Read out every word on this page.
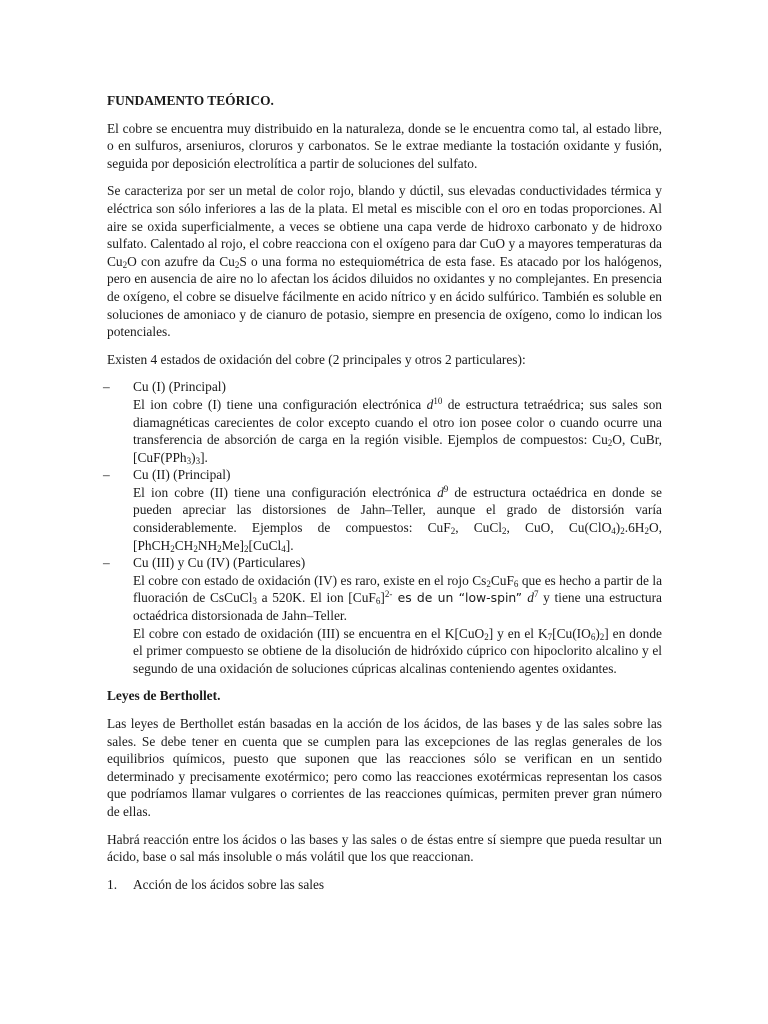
FUNDAMENTO TEÓRICO.

El cobre se encuentra muy distribuido en la naturaleza, donde se le encuentra como tal, al estado libre, o en sulfuros, arseniuros, cloruros y carbonatos. Se le extrae mediante la tostación oxidante y fusión, seguida por deposición electrolítica a partir de soluciones del sulfato.

Se caracteriza por ser un metal de color rojo, blando y dúctil, sus elevadas conductividades térmica y eléctrica son sólo inferiores a las de la plata. El metal es miscible con el oro en todas proporciones. Al aire se oxida superficialmente, a veces se obtiene una capa verde de hidroxo carbonato y de hidroxo sulfato. Calentado al rojo, el cobre reacciona con el oxígeno para dar CuO y a mayores temperaturas da $Cu_2O$ con azufre da $Cu_2S$ o una forma no estequiométrica de esta fase. Es atacado por los halógenos, pero en ausencia de aire no lo afectan los ácidos diluidos no oxidantes y no complejantes. En presencia de oxígeno, el cobre se disuelve fácilmente en acido nítrico y en ácido sulfúrico. También es soluble en soluciones de amoniaco y de cianuro de potasio, siempre en presencia de oxígeno, como lo indican los potenciales.

Existen 4 estados de oxidación del cobre (2 principales y otros 2 particulares):

– Cu (I) (Principal)

El ion cobre (I) tiene una configuración electrónica $d^{10}$ de estructura tetraédrica; sus sales son diamagnéticas carecientes de color excepto cuando el otro ion posee color o cuando ocurre una transferencia de absorción de carga en la región visible. Ejemplos de compuestos: $Cu_2O$, CuBr, $[CuF(PPh_3)_3]$.

– Cu (II) (Principal)

El ion cobre (II) tiene una configuración electrónica $d^9$ de estructura octaédrica en donde se pueden apreciar las distorsiones de Jahn–Teller, aunque el grado de distorsión varía considerablemente. Ejemplos de compuestos: CuF$_2$, CuCl$_2$, CuO, $Cu(ClO_4)_2.6H_2O$, $[PhCH_2CH_2NH_2Me]_2[CuCl_4]$.

– Cu (III) y Cu (IV) (Particulares)

El cobre con estado de oxidación (IV) es raro, existe en el rojo $Cs_2CuF_6$ que es hecho a partir de la fluoración de CsCuCl$_3$ a 520K. El ion $[CuF_6]^{2-}$ es de un “low-spin” $d^7$ y tiene una estructura octaédrica distorsionada de Jahn–Teller.

El cobre con estado de oxidación (III) se encuentra en el K[CuO$_2$] y en el $K_7[Cu(IO_6)_2]$ en donde el primer compuesto se obtiene de la disolución de hidróxido cúprico con hipoclorito alcalino y el segundo de una oxidación de soluciones cúpricas alcalinas conteniendo agentes oxidantes.

Leyes de Berthollet.

Las leyes de Berthollet están basadas en la acción de los ácidos, de las bases y de las sales sobre las sales. Se debe tener en cuenta que se cumplen para las excepciones de las reglas generales de los equilibrios químicos, puesto que suponen que las reacciones sólo se verifican en un sentido determinado y precisamente exotérmico; pero como las reacciones exotérmicas representan los casos que podríamos llamar vulgares o corrientes de las reacciones químicas, permiten prever gran número de ellas.

Habrá reacción entre los ácidos o las bases y las sales o de éstas entre sí siempre que pueda resultar un ácido, base o sal más insoluble o más volátil que los que reaccionan.

1. Acción de los ácidos sobre las sales
